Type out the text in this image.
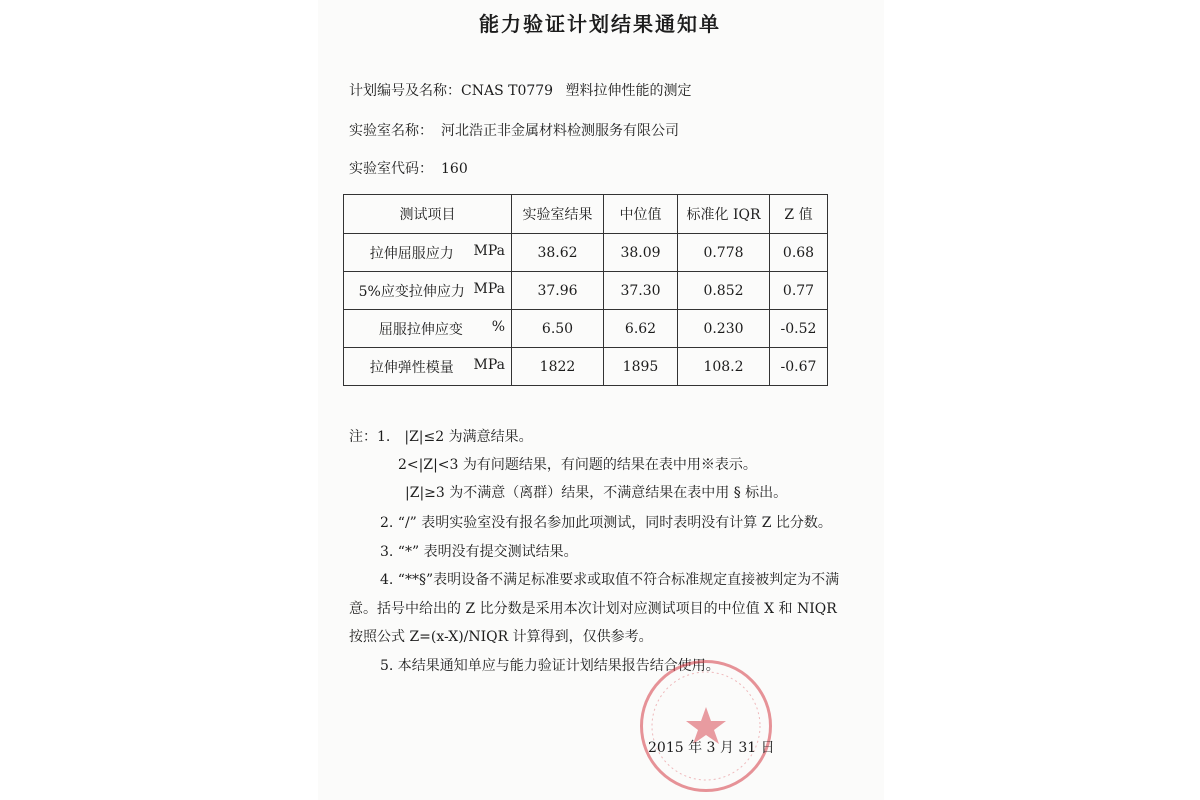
能力验证计划结果通知单
计划编号及名称：CNAS T0779 塑料拉伸性能的测定
实验室名称： 河北浩正非金属材料检测服务有限公司
实验室代码： 160
测试项目	实验室结果	中位值	标准化 IQR	Z 值
拉伸屈服应力 MPa	38.62	38.09	0.778	0.68
5%应变拉伸应力 MPa	37.96	37.30	0.852	0.77
屈服拉伸应变 %	6.50	6.62	0.230	-0.52
拉伸弹性模量 MPa	1822	1895	108.2	-0.67
注：1.　|Z|≤2 为满意结果。
2<|Z|<3 为有问题结果，有问题的结果在表中用※表示。
|Z|≥3 为不满意（离群）结果，不满意结果在表中用 § 标出。
2. “/” 表明实验室没有报名参加此项测试，同时表明没有计算 Z 比分数。
3. “*” 表明没有提交测试结果。
4. “**§”表明设备不满足标准要求或取值不符合标准规定直接被判定为不满
意。括号中给出的 Z 比分数是采用本次计划对应测试项目的中位值 X 和 NIQR
按照公式 Z=(x-X)/NIQR 计算得到，仅供参考。
5. 本结果通知单应与能力验证计划结果报告结合使用。
2015 年 3 月 31 日
